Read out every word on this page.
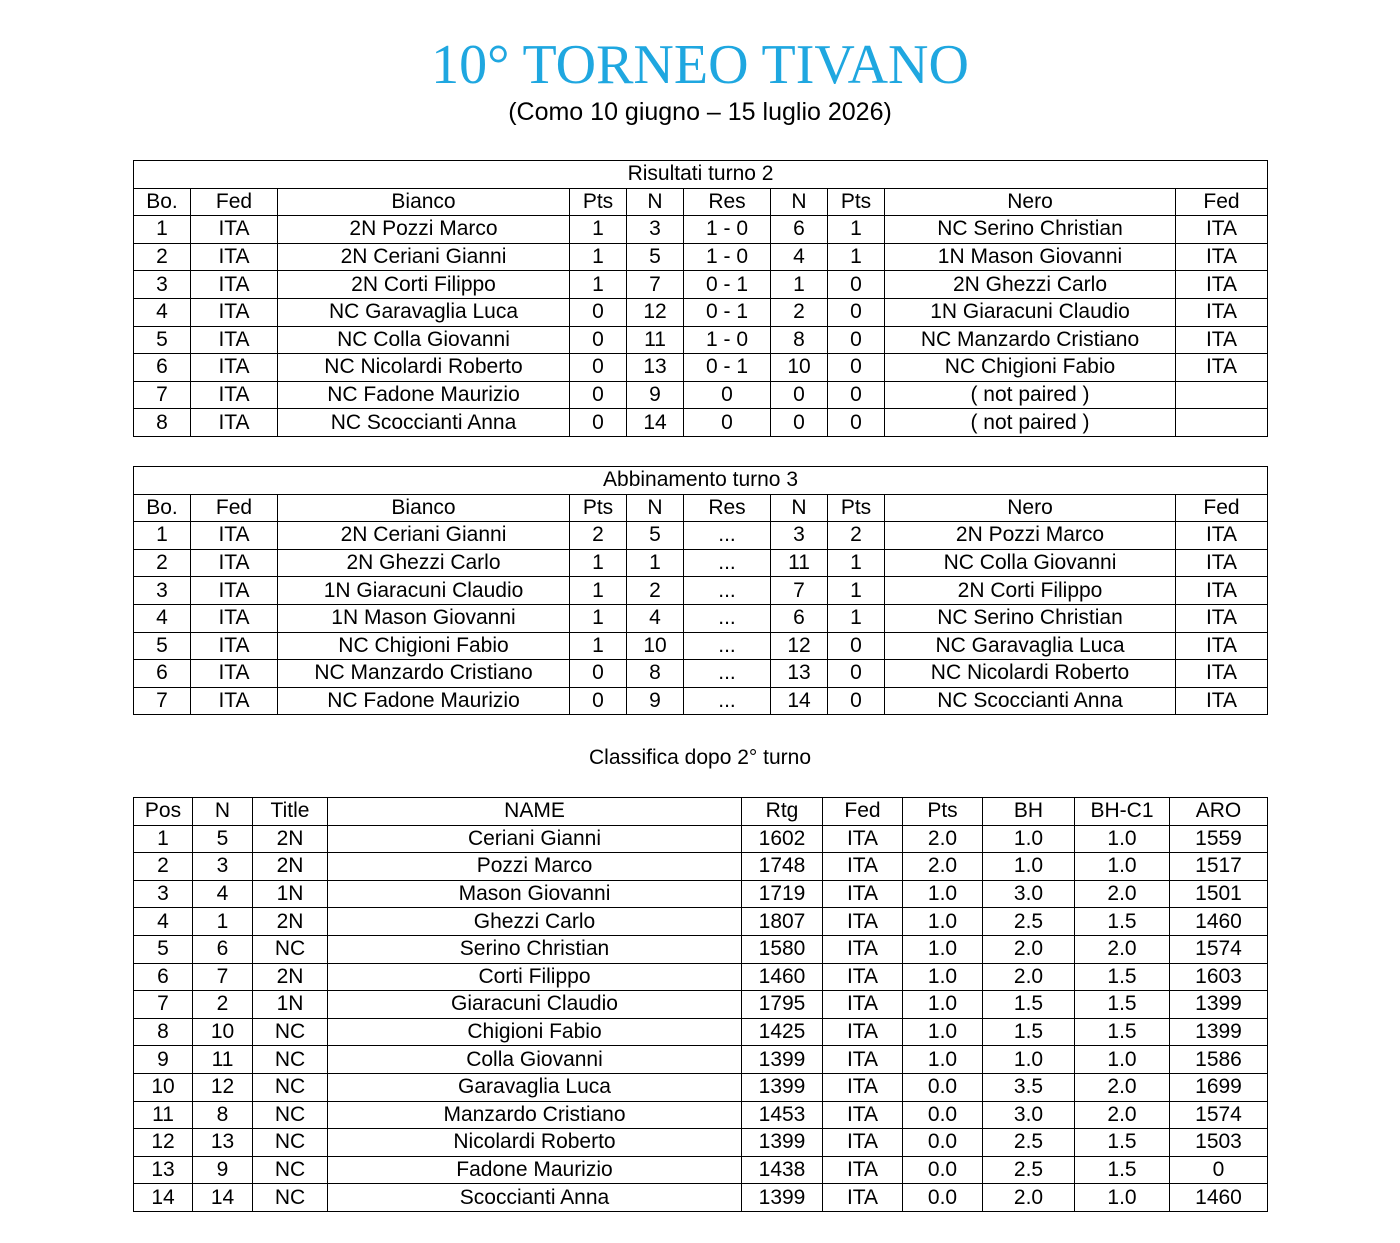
10° TORNEO TIVANO
(Como 10 giugno – 15 luglio 2026)
Risultati turno 2									
Bo.	Fed	Bianco	Pts	N	Res	N	Pts	Nero	Fed
1	ITA	2N Pozzi Marco	1	3	1 - 0	6	1	NC Serino Christian	ITA
2	ITA	2N Ceriani Gianni	1	5	1 - 0	4	1	1N Mason Giovanni	ITA
3	ITA	2N Corti Filippo	1	7	0 - 1	1	0	2N Ghezzi Carlo	ITA
4	ITA	NC Garavaglia Luca	0	12	0 - 1	2	0	1N Giaracuni Claudio	ITA
5	ITA	NC Colla Giovanni	0	11	1 - 0	8	0	NC Manzardo Cristiano	ITA
6	ITA	NC Nicolardi Roberto	0	13	0 - 1	10	0	NC Chigioni Fabio	ITA
7	ITA	NC Fadone Maurizio	0	9	0	0	0	( not paired )	
8	ITA	NC Scoccianti Anna	0	14	0	0	0	( not paired )	
Abbinamento turno 3									
Bo.	Fed	Bianco	Pts	N	Res	N	Pts	Nero	Fed
1	ITA	2N Ceriani Gianni	2	5	...	3	2	2N Pozzi Marco	ITA
2	ITA	2N Ghezzi Carlo	1	1	...	11	1	NC Colla Giovanni	ITA
3	ITA	1N Giaracuni Claudio	1	2	...	7	1	2N Corti Filippo	ITA
4	ITA	1N Mason Giovanni	1	4	...	6	1	NC Serino Christian	ITA
5	ITA	NC Chigioni Fabio	1	10	...	12	0	NC Garavaglia Luca	ITA
6	ITA	NC Manzardo Cristiano	0	8	...	13	0	NC Nicolardi Roberto	ITA
7	ITA	NC Fadone Maurizio	0	9	...	14	0	NC Scoccianti Anna	ITA
Classifica dopo 2° turno
Pos	N	Title	NAME	Rtg	Fed	Pts	BH	BH-C1	ARO
1	5	2N	Ceriani Gianni	1602	ITA	2.0	1.0	1.0	1559
2	3	2N	Pozzi Marco	1748	ITA	2.0	1.0	1.0	1517
3	4	1N	Mason Giovanni	1719	ITA	1.0	3.0	2.0	1501
4	1	2N	Ghezzi Carlo	1807	ITA	1.0	2.5	1.5	1460
5	6	NC	Serino Christian	1580	ITA	1.0	2.0	2.0	1574
6	7	2N	Corti Filippo	1460	ITA	1.0	2.0	1.5	1603
7	2	1N	Giaracuni Claudio	1795	ITA	1.0	1.5	1.5	1399
8	10	NC	Chigioni Fabio	1425	ITA	1.0	1.5	1.5	1399
9	11	NC	Colla Giovanni	1399	ITA	1.0	1.0	1.0	1586
10	12	NC	Garavaglia Luca	1399	ITA	0.0	3.5	2.0	1699
11	8	NC	Manzardo Cristiano	1453	ITA	0.0	3.0	2.0	1574
12	13	NC	Nicolardi Roberto	1399	ITA	0.0	2.5	1.5	1503
13	9	NC	Fadone Maurizio	1438	ITA	0.0	2.5	1.5	0
14	14	NC	Scoccianti Anna	1399	ITA	0.0	2.0	1.0	1460
